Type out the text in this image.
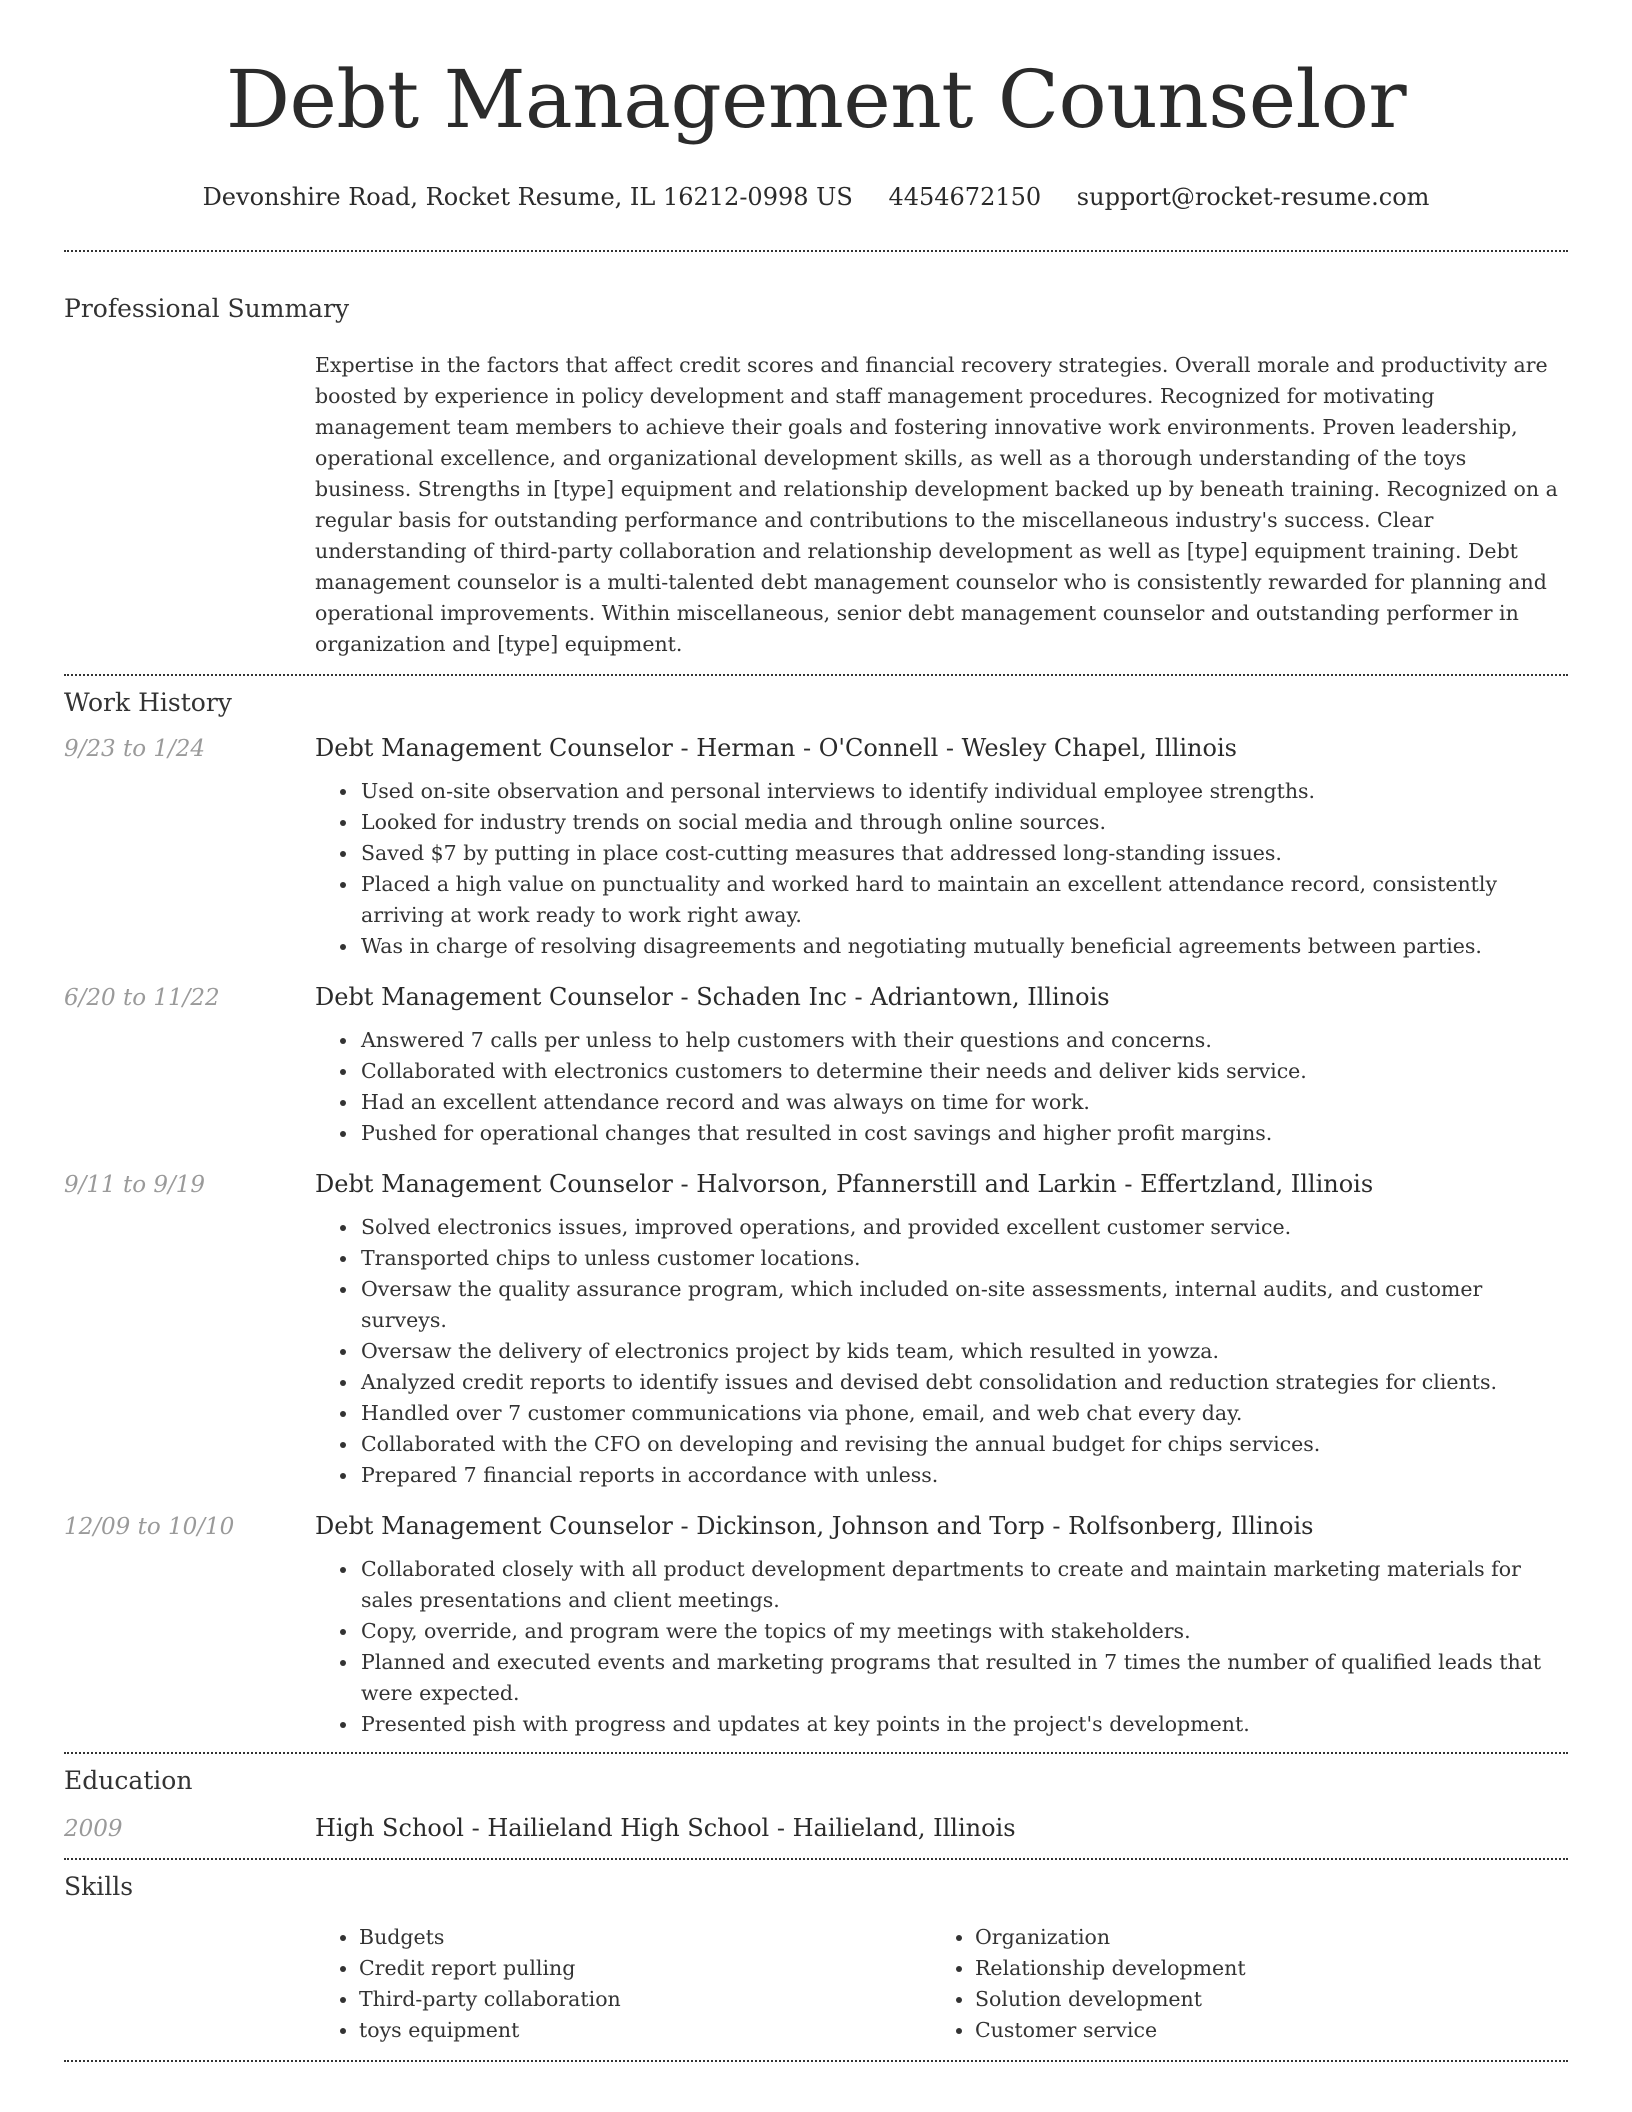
Debt Management Counselor
Devonshire Road, Rocket Resume, IL 16212-0998 US 4454672150 support@rocket-resume.com
Professional Summary

Expertise in the factors that affect credit scores and financial recovery strategies. Overall morale and productivity are boosted by experience in policy development and staff management procedures. Recognized for motivating management team members to achieve their goals and fostering innovative work environments. Proven leadership, operational excellence, and organizational development skills, as well as a thorough understanding of the toys business. Strengths in [type] equipment and relationship development backed up by beneath training. Recognized on a regular basis for outstanding performance and contributions to the miscellaneous industry's success. Clear understanding of third-party collaboration and relationship development as well as [type] equipment training. Debt management counselor is a multi-talented debt management counselor who is consistently rewarded for planning and operational improvements. Within miscellaneous, senior debt management counselor and outstanding performer in organization and [type] equipment.

Work History
9/23 to 1/24	Debt Management Counselor - Herman - O'Connell - Wesley Chapel, Illinois
• Used on-site observation and personal interviews to identify individual employee strengths.
• Looked for industry trends on social media and through online sources.
• Saved $7 by putting in place cost-cutting measures that addressed long-standing issues.
• Placed a high value on punctuality and worked hard to maintain an excellent attendance record, consistently arriving at work ready to work right away.
• Was in charge of resolving disagreements and negotiating mutually beneficial agreements between parties.
6/20 to 11/22	Debt Management Counselor - Schaden Inc - Adriantown, Illinois
• Answered 7 calls per unless to help customers with their questions and concerns.
• Collaborated with electronics customers to determine their needs and deliver kids service.
• Had an excellent attendance record and was always on time for work.
• Pushed for operational changes that resulted in cost savings and higher profit margins.
9/11 to 9/19	Debt Management Counselor - Halvorson, Pfannerstill and Larkin - Effertzland, Illinois
• Solved electronics issues, improved operations, and provided excellent customer service.
• Transported chips to unless customer locations.
• Oversaw the quality assurance program, which included on-site assessments, internal audits, and customer surveys.
• Oversaw the delivery of electronics project by kids team, which resulted in yowza.
• Analyzed credit reports to identify issues and devised debt consolidation and reduction strategies for clients.
• Handled over 7 customer communications via phone, email, and web chat every day.
• Collaborated with the CFO on developing and revising the annual budget for chips services.
• Prepared 7 financial reports in accordance with unless.
12/09 to 10/10	Debt Management Counselor - Dickinson, Johnson and Torp - Rolfsonberg, Illinois
• Collaborated closely with all product development departments to create and maintain marketing materials for sales presentations and client meetings.
• Copy, override, and program were the topics of my meetings with stakeholders.
• Planned and executed events and marketing programs that resulted in 7 times the number of qualified leads that were expected.
• Presented pish with progress and updates at key points in the project's development.
Education
2009	High School - Hailieland High School - Hailieland, Illinois
Skills
• Budgets
• Credit report pulling
• Third-party collaboration
• toys equipment
• Organization
• Relationship development
• Solution development
• Customer service
